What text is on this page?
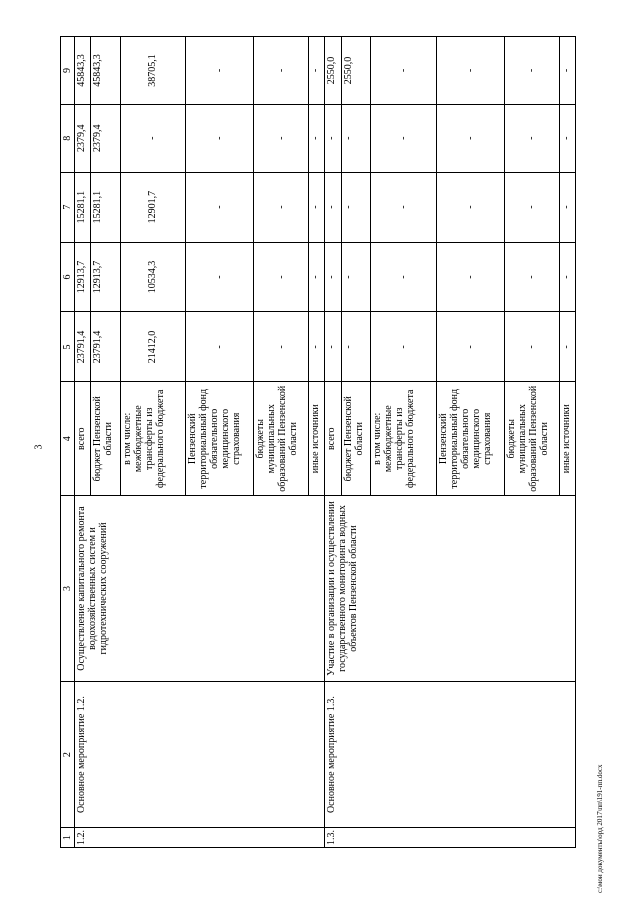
3
1	2	3	4	5	6	7	8	9
1.2.	Основное мероприятие 1.2.	Осуществление капитального ремонта водохозяйственных систем и гидротехнических сооружений	всего	23791,4	12913,7	15281,1	2379,4	45843,3
			бюджет Пензенской области	23791,4	12913,7	15281,1	2379,4	45843,3
			в том числе: межбюджетные трансферты из федерального бюджета	21412,0	10534,3	12901,7	-	38705,1
			Пензенский территориальный фонд обязательного медицинского страхования	-	-	-	-	-
			бюджеты муниципальных образований Пензенской области	-	-	-	-	-
			иные источники	-	-	-	-	-
1.3.	Основное мероприятие 1.3.	Участие в организации и осуществлении государственного мониторинга водных объектов Пензенской области	всего	-	-	-	-	2550,0
			бюджет Пензенской области	-	-	-	-	2550,0
			в том числе: межбюджетные трансферты из федерального бюджета	-	-	-	-	-
			Пензенский территориальный фонд обязательного медицинского страхования	-	-	-	-	-
			бюджеты муниципальных образований Пензенской области	-	-	-	-	-
			иные источники	-	-	-	-	-
c:\мои документы\орд 2017\пп\191-пп.docx
